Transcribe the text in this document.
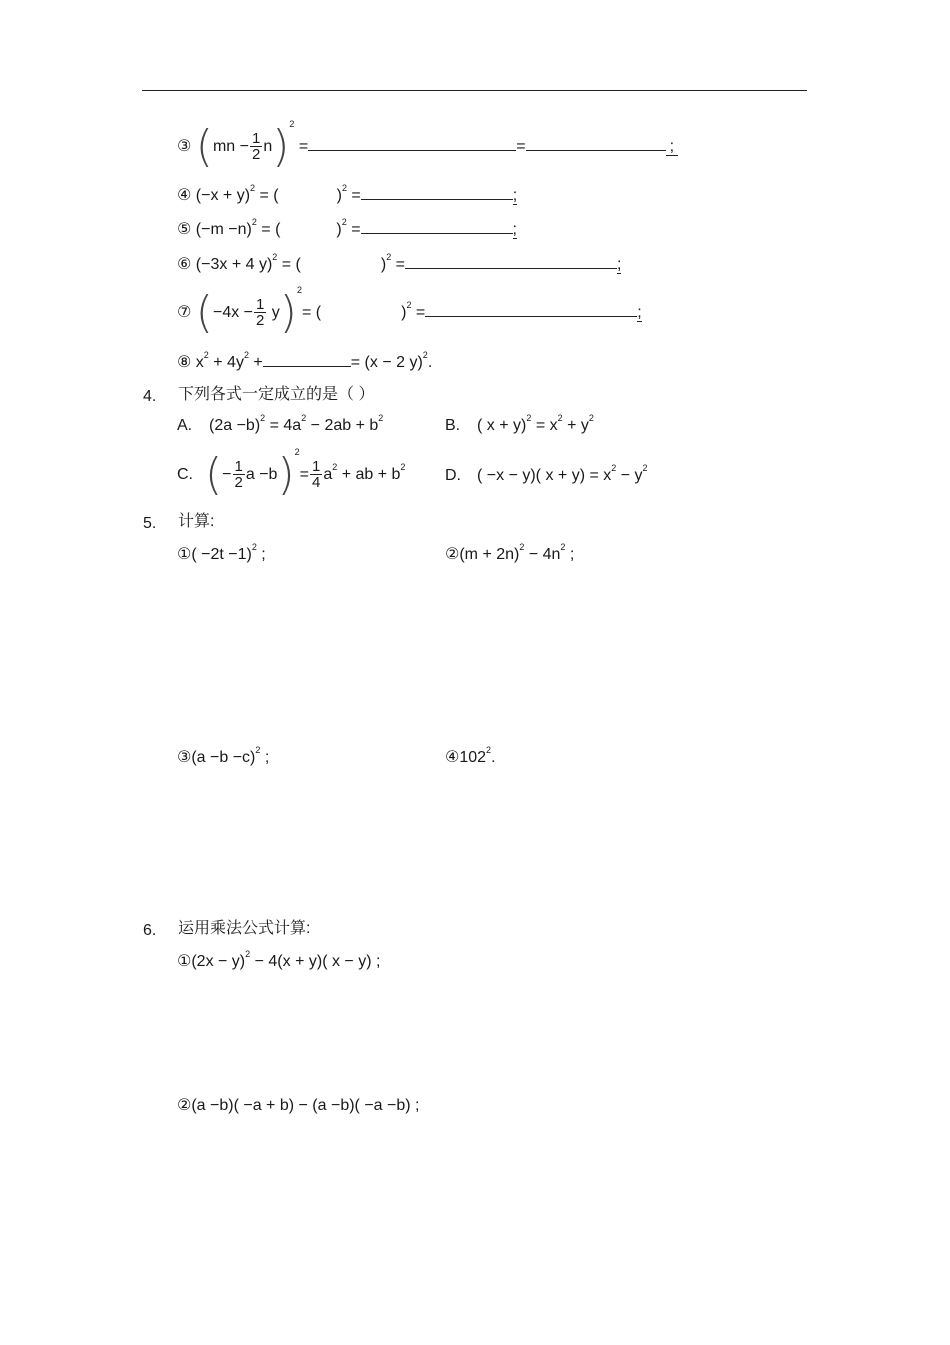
③ $(mn - \frac{1}{2} n)^2$ =	=	;
④ $(-x + y)^2$ = (	)$^2$ =	;
⑤ $(-m -n)^2$ = (	)$^2$ =	;
⑥ (−3x + 4 y)$^2$ = (	)$^2$ =	;
⑦ $(-4x - \frac{1}{2} y)^2=$ (	)$^2$ =	;
⑧ $x^2 + 4y^2$ +	= (x − 2 y)$^2$.
4. 下列各式一定成立的是（ ）
A. $(2a -b)^2 = 4a^2 - 2ab + b^2$	B. ( $x + y)^2 = x^2 + y^2$
C. (− $\frac{1}{2}$ $a -b)^2= \frac{1}{4} a^2$ + ab + $b^2$ D. ( −x − y)( $x + y) = x^2 - y^2$
5. 计算:
①( −2t −1)$^2$ ;	②(m + $2n)^2 - 4n^2$ ;
③(a −b −c)$^2$ ;	$④102^2$.
6. 运用乘法公式计算:
①(2x − y)$^2$ − 4(x + y)( x − y) ;
②(a −b)( −a + b) − (a −b)( −a −b) ;
